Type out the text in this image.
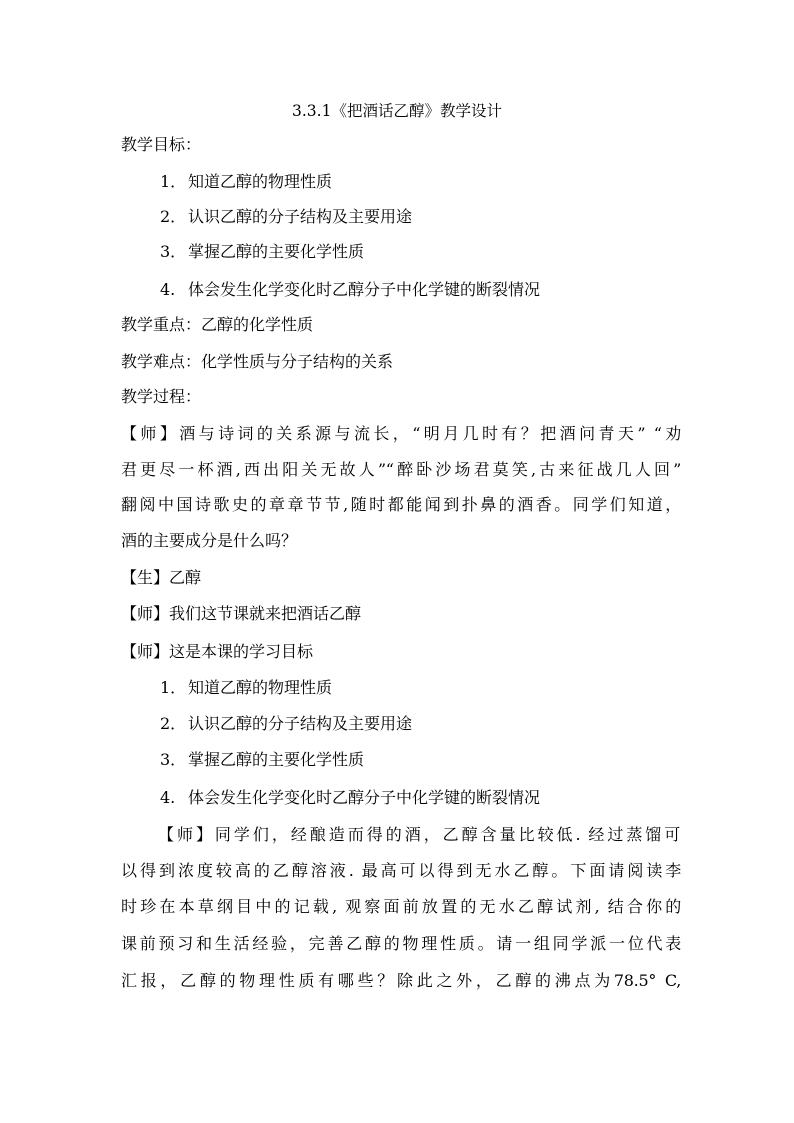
3.3.1《把酒话乙醇》教学设计
教学目标：
1． 知道乙醇的物理性质
2． 认识乙醇的分子结构及主要用途
3． 掌握乙醇的主要化学性质
4. 体会发生化学变化时乙醇分子中化学键的断裂情况
教学重点：乙醇的化学性质
教学难点：化学性质与分子结构的关系
教学过程：
【师】酒与诗词的关系源与流长，“明月几时有？把酒问青天” “劝
君更尽一杯酒,西出阳关无故人”“醉卧沙场君莫笑,古来征战几人回”
翻阅中国诗歌史的章章节节,随时都能闻到扑鼻的酒香。同学们知道，
酒的主要成分是什么吗？
【生】乙醇
【师】我们这节课就来把酒话乙醇
【师】这是本课的学习目标
1． 知道乙醇的物理性质
2． 认识乙醇的分子结构及主要用途
3． 掌握乙醇的主要化学性质
4. 体会发生化学变化时乙醇分子中化学键的断裂情况
【师】同学们，经酿造而得的酒，乙醇含量比较低. 经过蒸馏可
以得到浓度较高的乙醇溶液. 最高可以得到无水乙醇。下面请阅读李
时珍在本草纲目中的记载, 观察面前放置的无水乙醇试剂, 结合你的
课前预习和生活经验，完善乙醇的物理性质。请一组同学派一位代表
汇报，乙醇的物理性质有哪些？除此之外，乙醇的沸点为78.5° C,
